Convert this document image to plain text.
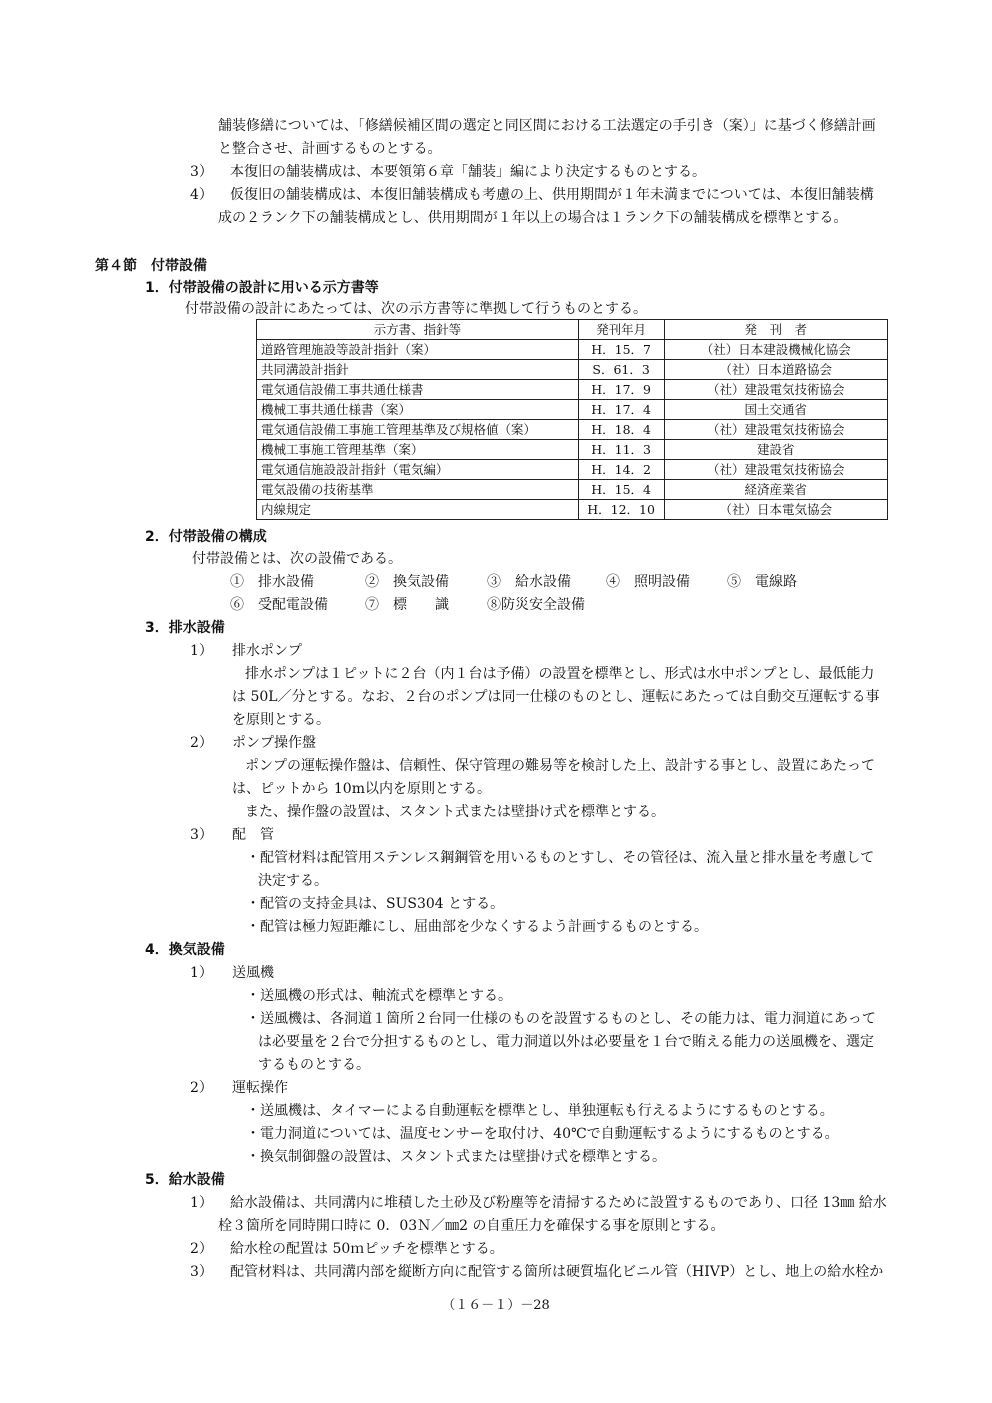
舗装修繕については、「修繕候補区間の選定と同区間における工法選定の手引き（案）」に基づく修繕計画
と整合させ、計画するものとする。
3） 本復旧の舗装構成は、本要領第６章「舗装」編により決定するものとする。
4） 仮復旧の舗装構成は、本復旧舗装構成も考慮の上、供用期間が１年未満までについては、本復旧舗装構
成の２ランク下の舗装構成とし、供用期間が１年以上の場合は１ランク下の舗装構成を標準とする。
第４節　付帯設備
1．付帯設備の設計に用いる示方書等
付帯設備の設計にあたっては、次の示方書等に準拠して行うものとする。
示方書、指針等	発刊年月	発　刊　者
道路管理施設等設計指針（案）	H．15．7	（社）日本建設機械化協会
共同溝設計指針	S．61．3	（社）日本道路協会
電気通信設備工事共通仕様書	H．17．9	（社）建設電気技術協会
機械工事共通仕様書（案）	H．17．4	国土交通省
電気通信設備工事施工管理基準及び規格値（案）	H．18．4	（社）建設電気技術協会
機械工事施工管理基準（案）	H．11．3	建設省
電気通信施設設計指針（電気編）	H．14．2	（社）建設電気技術協会
電気設備の技術基準	H．15．4	経済産業省
内線規定	H．12．10	（社）日本電気協会
2．付帯設備の構成
付帯設備とは、次の設備である。
①　排水設備	②　換気設備	③　給水設備	④　照明設備	⑤　電線路
⑥　受配電設備	⑦　標　　識	⑧防災安全設備
3．排水設備
1） 排水ポンプ
排水ポンプは１ピットに２台（内１台は予備）の設置を標準とし、形式は水中ポンプとし、最低能力
は 50L／分とする。なお、２台のポンプは同一仕様のものとし、運転にあたっては自動交互運転する事
を原則とする。
2） ポンプ操作盤
ポンプの運転操作盤は、信頼性、保守管理の難易等を検討した上、設計する事とし、設置にあたって
は、ピットから 10m以内を原則とする。
また、操作盤の設置は、スタント式または壁掛け式を標準とする。
3） 配　管
・配管材料は配管用ステンレス鋼鋼管を用いるものとすし、その管径は、流入量と排水量を考慮して
決定する。
・配管の支持金具は、SUS304 とする。
・配管は極力短距離にし、屈曲部を少なくするよう計画するものとする。
4．換気設備
1） 送風機
・送風機の形式は、軸流式を標準とする。
・送風機は、各洞道１箇所２台同一仕様のものを設置するものとし、その能力は、電力洞道にあって
は必要量を２台で分担するものとし、電力洞道以外は必要量を１台で賄える能力の送風機を、選定
するものとする。
2） 運転操作
・送風機は、タイマーによる自動運転を標準とし、単独運転も行えるようにするものとする。
・電力洞道については、温度センサーを取付け、40℃で自動運転するようにするものとする。
・換気制御盤の設置は、スタント式または壁掛け式を標準とする。
5．給水設備
1） 給水設備は、共同溝内に堆積した土砂及び粉塵等を清掃するために設置するものであり、口径 13㎜ 給水
栓３箇所を同時開口時に 0．03Ｎ／㎜2 の自重圧力を確保する事を原則とする。
2） 給水栓の配置は 50ｍピッチを標準とする。
3） 配管材料は、共同溝内部を縦断方向に配管する箇所は硬質塩化ビニル管（HIVP）とし、地上の給水栓か
（１６－１）－28
